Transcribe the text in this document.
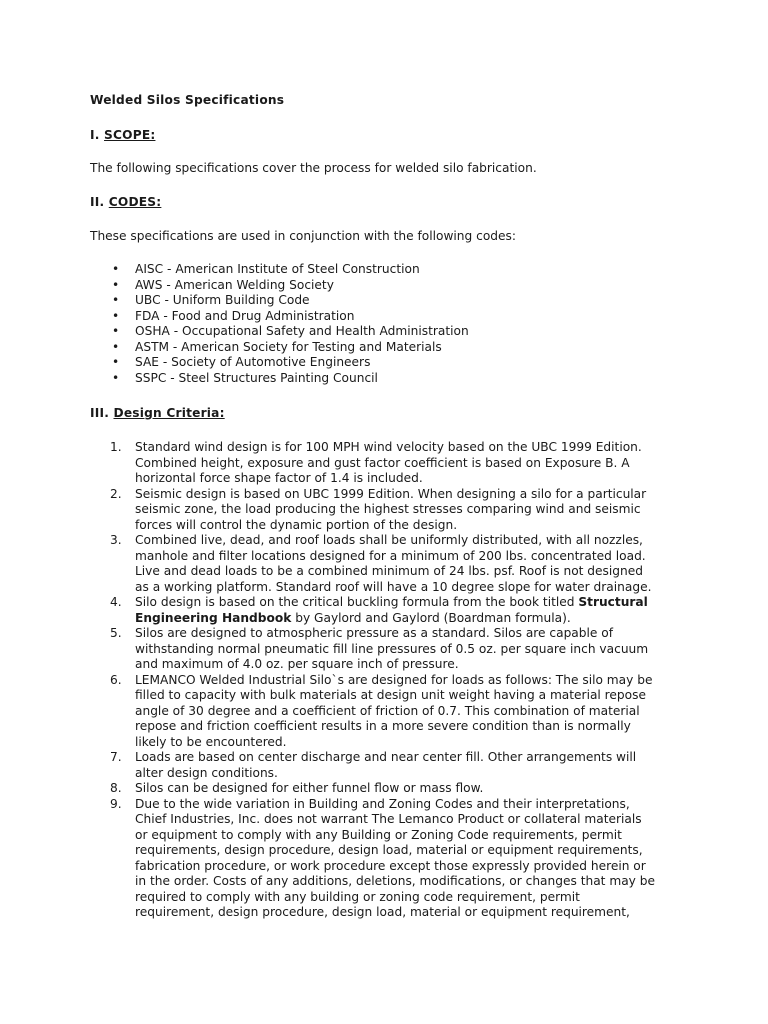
Welded Silos Specifications
I. SCOPE:
The following specifications cover the process for welded silo fabrication.
II. CODES:
These specifications are used in conjunction with the following codes:
• AISC - American Institute of Steel Construction
• AWS - American Welding Society
• UBC - Uniform Building Code
• FDA - Food and Drug Administration
• OSHA - Occupational Safety and Health Administration
• ASTM - American Society for Testing and Materials
• SAE - Society of Automotive Engineers
• SSPC - Steel Structures Painting Council
III. Design Criteria:
1. Standard wind design is for 100 MPH wind velocity based on the UBC 1999 Edition. Combined height, exposure and gust factor coefficient is based on Exposure B. A horizontal force shape factor of 1.4 is included.
2. Seismic design is based on UBC 1999 Edition. When designing a silo for a particular seismic zone, the load producing the highest stresses comparing wind and seismic forces will control the dynamic portion of the design.
3. Combined live, dead, and roof loads shall be uniformly distributed, with all nozzles, manhole and filter locations designed for a minimum of 200 lbs. concentrated load. Live and dead loads to be a combined minimum of 24 lbs. psf. Roof is not designed as a working platform. Standard roof will have a 10 degree slope for water drainage.
4. Silo design is based on the critical buckling formula from the book titled Structural Engineering Handbook by Gaylord and Gaylord (Boardman formula).
5. Silos are designed to atmospheric pressure as a standard. Silos are capable of withstanding normal pneumatic fill line pressures of 0.5 oz. per square inch vacuum and maximum of 4.0 oz. per square inch of pressure.
6. LEMANCO Welded Industrial Silo`s are designed for loads as follows: The silo may be filled to capacity with bulk materials at design unit weight having a material repose angle of 30 degree and a coefficient of friction of 0.7. This combination of material repose and friction coefficient results in a more severe condition than is normally likely to be encountered.
7. Loads are based on center discharge and near center fill. Other arrangements will alter design conditions.
8. Silos can be designed for either funnel flow or mass flow.
9. Due to the wide variation in Building and Zoning Codes and their interpretations, Chief Industries, Inc. does not warrant The Lemanco Product or collateral materials or equipment to comply with any Building or Zoning Code requirements, permit requirements, design procedure, design load, material or equipment requirements, fabrication procedure, or work procedure except those expressly provided herein or in the order. Costs of any additions, deletions, modifications, or changes that may be required to comply with any building or zoning code requirement, permit requirement, design procedure, design load, material or equipment requirement,
